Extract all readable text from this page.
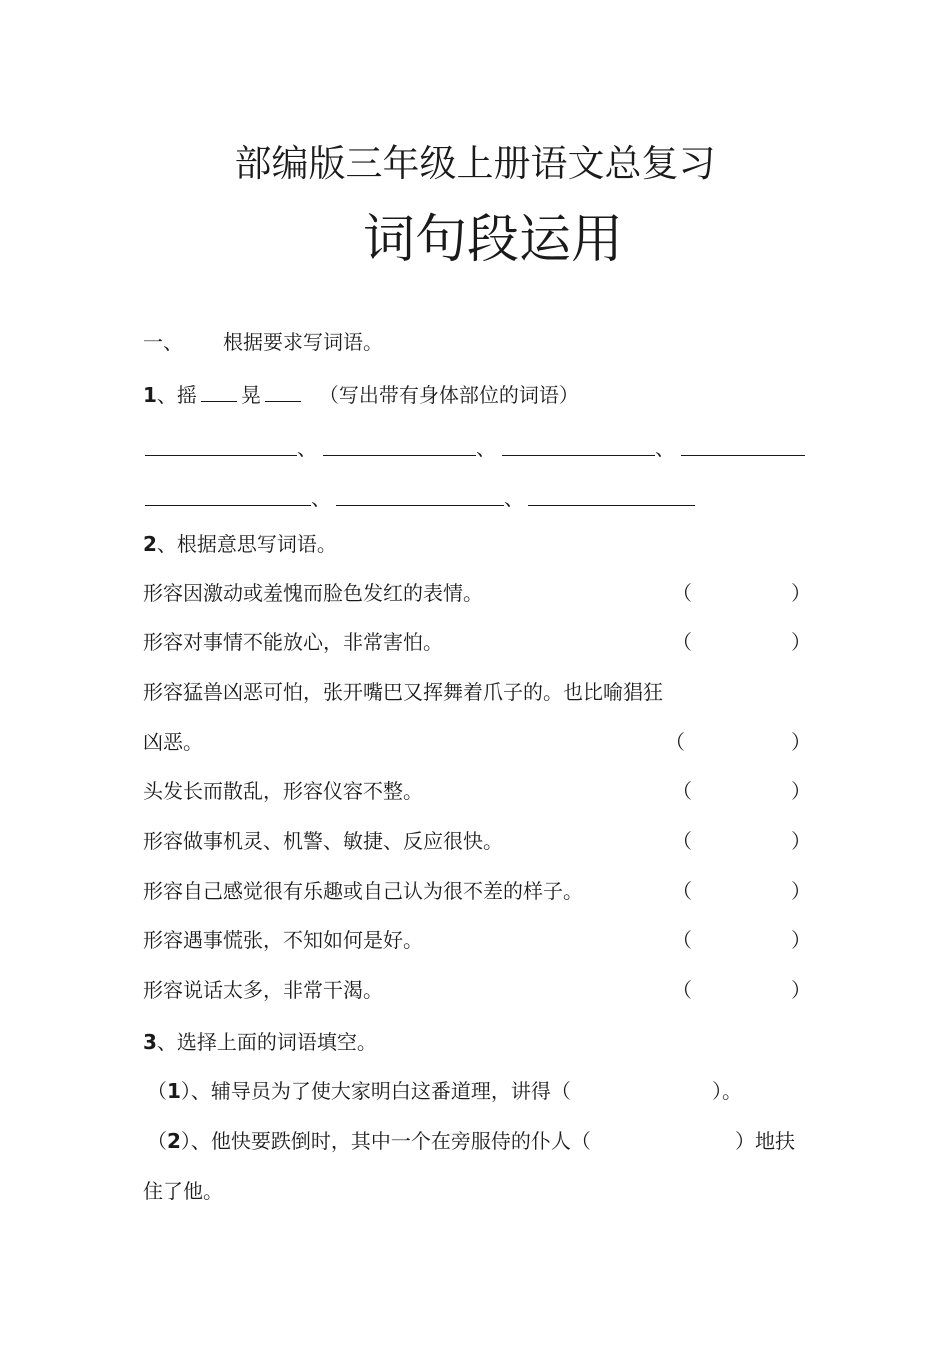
部编版三年级上册语文总复习
词句段运用
一、 根据要求写词语。
1、摇 晃	（写出带有身体部位的词语）
、	、	、
、	、
2、根据意思写词语。
形容因激动或羞愧而脸色发红的表情。	（	）
形容对事情不能放心，非常害怕。	（	）
形容猛兽凶恶可怕，张开嘴巴又挥舞着爪子的。也比喻猖狂
凶恶。	（	）
头发长而散乱，形容仪容不整。	（	）
形容做事机灵、机警、敏捷、反应很快。	（	）
形容自己感觉很有乐趣或自己认为很不差的样子。	（	）
形容遇事慌张，不知如何是好。	（	）
形容说话太多，非常干渴。	（	）
3、选择上面的词语填空。
（1）、辅导员为了使大家明白这番道理，讲得（	）。
（2）、他快要跌倒时，其中一个在旁服侍的仆人（	）地扶
住了他。
